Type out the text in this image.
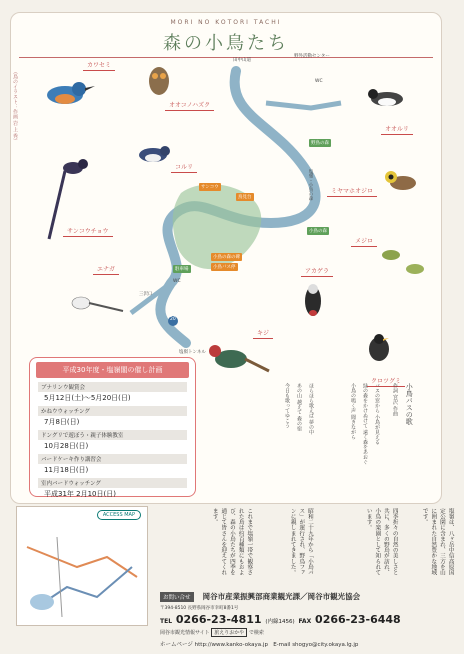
MORI NO KOTORI TACHI
森の小鳥たち
（鳥のイラスト：作画 岩 上 秀）
野外活動センター
田中山道
WC
WC
塩嶺・小鳥の森
三沢口
20
塩嶺トンネル
サンコウ
鳥見台
小鳥の森の碑
小鳥バス停
野鳥の森
駐車場
小鳥の森
カワセミ
オオコノハズク
コルリ
サンコウチョウ
エナガ
オオルリ
ミヤマホオジロ
メジロ
アカゲラ
キジ
クロツグミ
平成30年度・塩嶺閣の催し計画
ブナリンウ観賞会
5月12日(土)～5月20日(日)
かねウウォッチング
7月8日(日)
ドングリで遊ぼう・親子体験教室
10月28日(日)
バードケーキ作り講習会
11月18日(日)
室内バードウォッチング
平成31年 2月10日(日)
小鳥バスの歌
作詞 宮沢 作曲
バスの窓から 小鳥が見える
緑の森をかけぬけて 遠く森をあおぐ
小鳥の鳴く声 聞きながら
ほらほら歌えば 夢の中
あの山 越えて 森の宿
今日も歌ってゆこう
ACCESS MAP	塩嶺は、八ヶ岳中信高原国定公園に含まれ、三方を山に囲まれた自然豊かな地域です。
四季折々の自然の美しさと共に、多くの野鳥が訪れ、小鳥の楽園として知られています。
昭和二十九年から「小鳥バス」が運行され、野鳥ファンに親しまれてきました。
これまで塩嶺一帯で観察された鳥は約百種類にもおよび、森の小鳥たちが四季を通じて皆さんを迎えてくれます。
お問い合せ 岡谷市産業振興部商業観光課／岡谷市観光協会
〒394-8510 長野県岡谷市幸町8番1号
TEL 0266-23-4811 (内線1456) FAX 0266-23-6448
岡谷市観光情報サイト 旅えりおかや で検索
ホームページ http://www.kanko-okaya.jp E-mail shogyo@city.okaya.lg.jp
